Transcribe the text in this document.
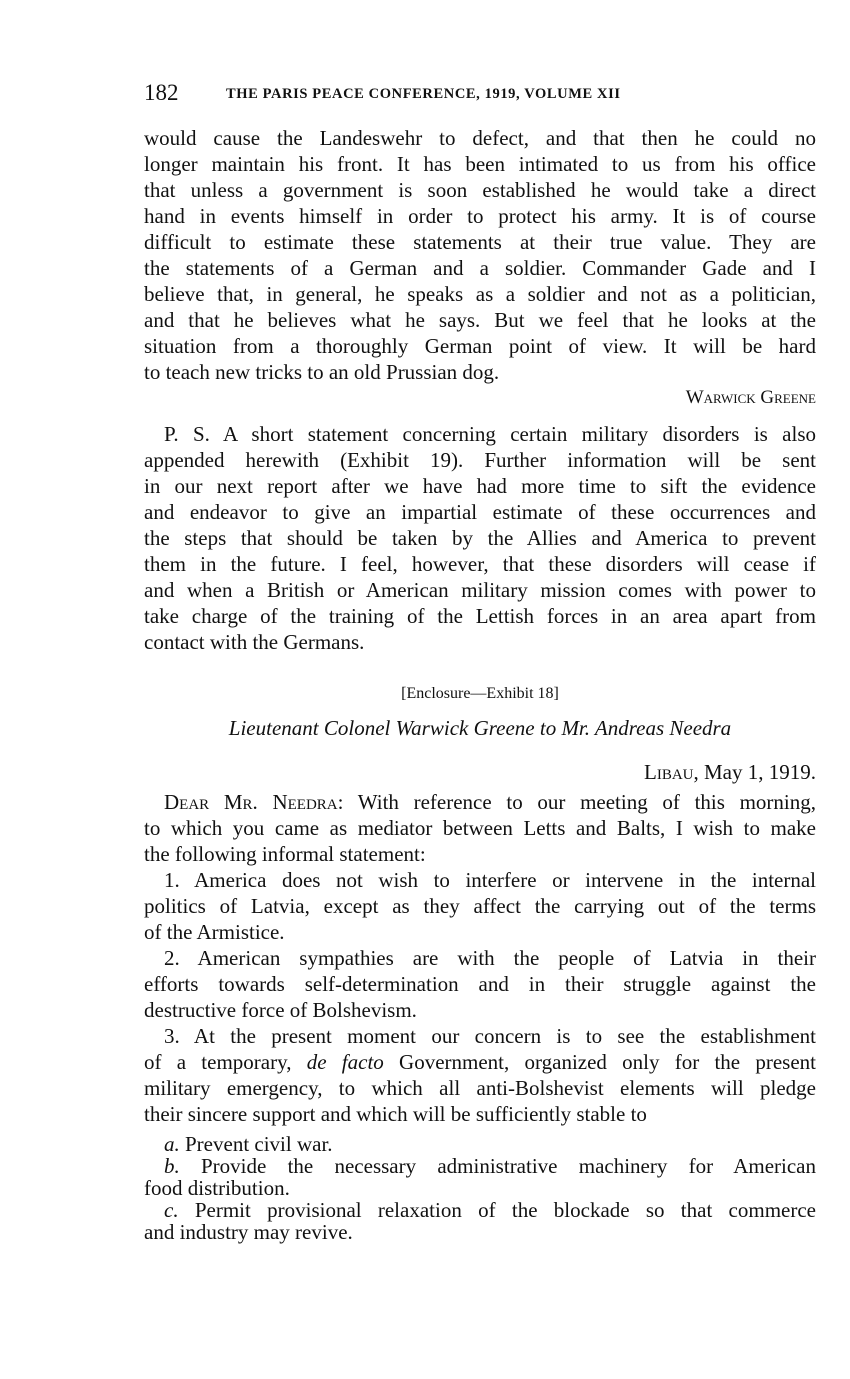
182	THE PARIS PEACE CONFERENCE, 1919, VOLUME XII
would cause the Landeswehr to defect, and that then he could no
longer maintain his front. It has been intimated to us from his office
that unless a government is soon established he would take a direct
hand in events himself in order to protect his army. It is of course
difficult to estimate these statements at their true value. They are
the statements of a German and a soldier. Commander Gade and I
believe that, in general, he speaks as a soldier and not as a politician,
and that he believes what he says. But we feel that he looks at the
situation from a thoroughly German point of view. It will be hard
to teach new tricks to an old Prussian dog.
Warwick Greene
P. S. A short statement concerning certain military disorders is also
appended herewith (Exhibit 19). Further information will be sent
in our next report after we have had more time to sift the evidence
and endeavor to give an impartial estimate of these occurrences and
the steps that should be taken by the Allies and America to prevent
them in the future. I feel, however, that these disorders will cease if
and when a British or American military mission comes with power to
take charge of the training of the Lettish forces in an area apart from
contact with the Germans.
[Enclosure—Exhibit 18]
Lieutenant Colonel Warwick Greene to Mr. Andreas Needra
Libau, May 1, 1919.
Dear Mr. Needra: With reference to our meeting of this morning,
to which you came as mediator between Letts and Balts, I wish to make
the following informal statement:
1. America does not wish to interfere or intervene in the internal
politics of Latvia, except as they affect the carrying out of the terms
of the Armistice.
2. American sympathies are with the people of Latvia in their
efforts towards self-determination and in their struggle against the
destructive force of Bolshevism.
3. At the present moment our concern is to see the establishment
of a temporary, de facto Government, organized only for the present
military emergency, to which all anti-Bolshevist elements will pledge
their sincere support and which will be sufficiently stable to
a. Prevent civil war.
b. Provide the necessary administrative machinery for American
food distribution.
c. Permit provisional relaxation of the blockade so that commerce
and industry may revive.
